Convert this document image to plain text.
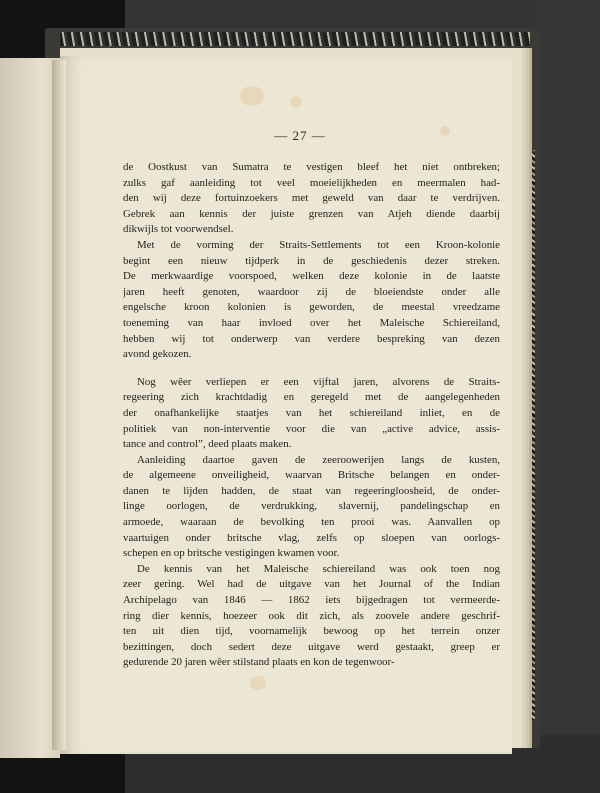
— 27 —
de Oostkust van Sumatra te vestigen bleef het niet ontbreken;
zulks gaf aanleiding tot veel moeielijkheden en meermalen had-
den wij deze fortuinzoekers met geweld van daar te verdrijven.
Gebrek aan kennis der juiste grenzen van Atjeh diende daarbij
dikwijls tot voorwendsel.
Met de vorming der Straits-Settlements tot een Kroon-kolonie
begint een nieuw tijdperk in de geschiedenis dezer streken.
De merkwaardige voorspoed, welken deze kolonie in de laatste
jaren heeft genoten, waardoor zij de bloeiendste onder alle
engelsche kroon kolonien is geworden, de meestal vreedzame
toeneming van haar invloed over het Maleische Schiereiland,
hebben wij tot onderwerp van verdere bespreking van dezen
avond gekozen.
Nog wêer verliepen er een vijftal jaren, alvorens de Straits-
regeering zich krachtdadig en geregeld met de aangelegenheden
der onafhankelijke staatjes van het schiereiland inliet, en de
politiek van non-interventie voor die van „active advice, assis-
tance and control”, deed plaats maken.
Aanleiding daartoe gaven de zeeroowerijen langs de kusten,
de algemeene onveiligheid, waarvan Britsche belangen en onder-
danen te lijden hadden, de staat van regeeringloosheid, de onder-
linge oorlogen, de verdrukking, slavernij, pandelingschap en
armoede, waaraan de bevolking ten prooi was. Aanvallen op
vaartuigen onder britsche vlag, zelfs op sloepen van oorlogs-
schepen en op britsche vestigingen kwamen voor.
De kennis van het Maleische schiereiland was ook toen nog
zeer gering. Wel had de uitgave van het Journal of the Indian
Archipelago van 1846 — 1862 iets bijgedragen tot vermeerde-
ring dier kennis, hoezeer ook dit zich, als zoovele andere geschrif-
ten uit dien tijd, voornamelijk bewoog op het terrein onzer
bezittingen, doch sedert deze uitgave werd gestaakt, greep er
gedurende 20 jaren wêer stilstand plaats en kon de tegenwoor-
